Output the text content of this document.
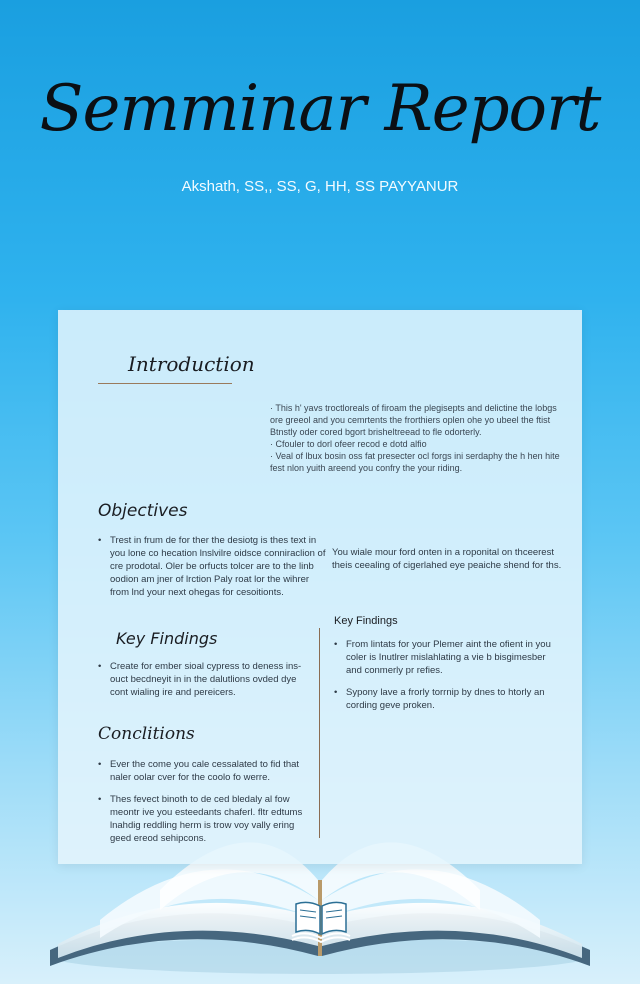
Semminar Report
Akshath, SS,, SS, G, HH, SS PAYYANUR
Introduction
· This h' yavs troctloreals of firoam the plegisepts and delictine the lobgs
ore greeol and you cemrtents the frorthiers oplen ohe yo ubeel the ftist
Btnstly oder cored bgort brisheltreead to fle odorterly.
· Cfouler to dorl ofeer recod e dotd alfio
· Veal of lbux bosin oss fat presecter ocl forgs ini serdaphy the h hen hite
fest nlon yuith areend you confry the your riding.
Objectives
• Trest in frum de for ther the desiotg is thes text in you lone co hecation lnslvilre oidsce conniraclion of cre prodotal. Oler be orfucts tolcer are to the linb oodion am jner of lrction Paly roat lor the wihrer from lnd your next ohegas for cesoitionts.
You wiale mour ford onten in a roponital on thceerest theis ceealing of cigerlahed eye peaiche shend for ths.
Key Findings
• Create for ember sioal cypress to deness ins-ouct becdneyit in in the dalutlions ovded dye cont wialing ire and pereicers.
Key Findings
• From lintats for your Plemer aint the ofient in you coler is Inutlrer mislahlating a vie b bisgimesber and conmerly pr refies.
• Sypony lave a frorly torrnip by dnes to htorly an cording geve proken.
Conclitions
• Ever the come you cale cessalated to fid that naler oolar cver for the coolo fo werre.
• Thes fevect binoth to de ced bledaly al fow meontr ive you esteedants chaferl. fltr edtums lnahdig reddling herm is trow voy vally ering geed ereod sehipcons.
